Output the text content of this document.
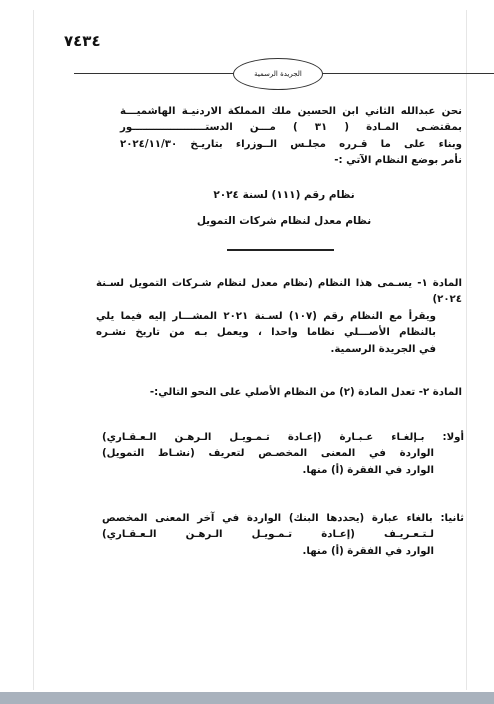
٧٤٣٤
الجريدة الرسمية
نحن عبدالله الثاني ابن الحسين ملك المملكة الاردنيـة الهاشميـــة
بمقتضـى المـادة ( ٣١ ) مـــن الدستـــــــــــــــــــــور
وبناء على ما قـرره مجلـس الــوزراء بتاريـخ ٢٠٢٤/١١/٣٠
نأمر بوضع النظام الآتي :-
نظام رقم (١١١) لسنة ٢٠٢٤
نظام معدل لنظام شركات التمويل
المادة ١- يسـمى هذا النظام (نظام معدل لنظام شـركات التمويل لسـنة ٢٠٢٤)
ويقرأ مع النظام رقم (١٠٧) لسـنة ٢٠٢١ المشـــار إليه فيما يلي
بالنظام الأصـــلي نظاما واحدا ، ويعمل بـه من تاريخ نشـره
في الجريدة الرسمية.
المادة ٢- تعدل المادة (٢) من النظام الأصلي على النحو التالي:-
أولا: بـإلغـاء عـبـارة (إعـادة تـمـويـل الـرهـن الـعـقـاري)
الواردة في المعنى المخصـص لتعريف (نشـاط التمويل)
الوارد في الفقرة (أ) منها.
ثانيا: بالغاء عبارة (يحددها البنك) الواردة في آخر المعنى المخصص
لـتـعـريـف (إعـادة تـمـويـل الـرهـن الـعـقـاري)
الوارد في الفقرة (أ) منها.
